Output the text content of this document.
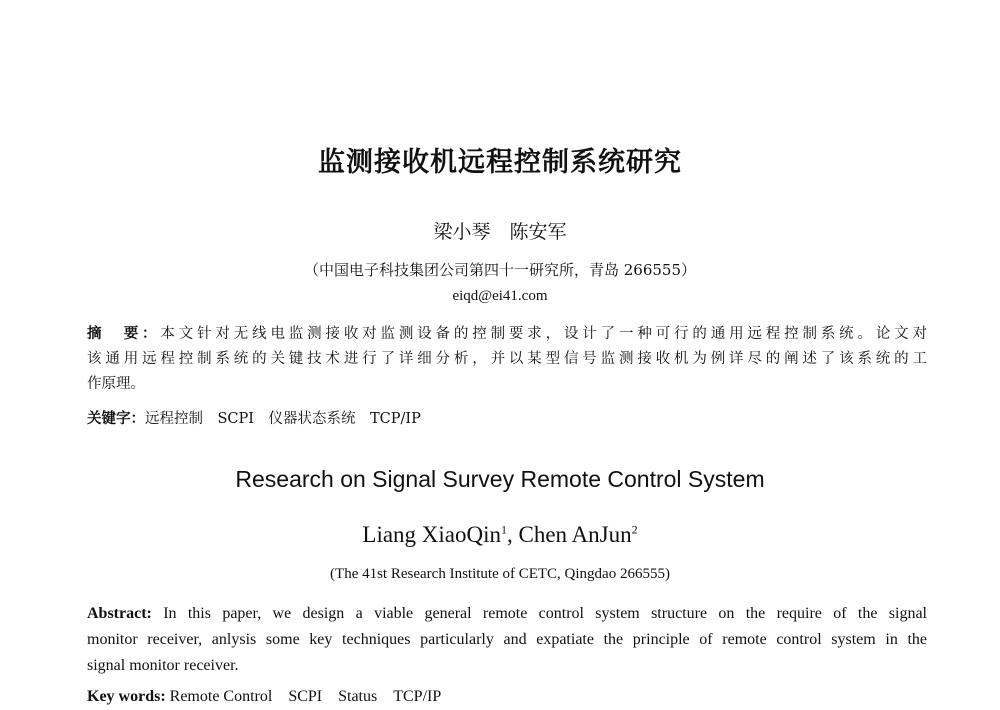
监测接收机远程控制系统研究
梁小琴　陈安军
（中国电子科技集团公司第四十一研究所，青岛 266555）
eiqd@ei41.com
摘　要：本文针对无线电监测接收对监测设备的控制要求，设计了一种可行的通用远程控制系统。论文对
该通用远程控制系统的关键技术进行了详细分析，并以某型信号监测接收机为例详尽的阐述了该系统的工
作原理。
关键字：远程控制　SCPI　仪器状态系统　TCP/IP
Research on Signal Survey Remote Control System
Liang XiaoQin$^1$, Chen AnJun$^2$
(The 41st Research Institute of CETC, Qingdao 266555)
Abstract: In this paper, we design a viable general remote control system structure on the require of the signal
monitor receiver, anlysis some key techniques particularly and expatiate the principle of remote control system in the
signal monitor receiver.
Key words: Remote Control　SCPI　Status　TCP/IP
